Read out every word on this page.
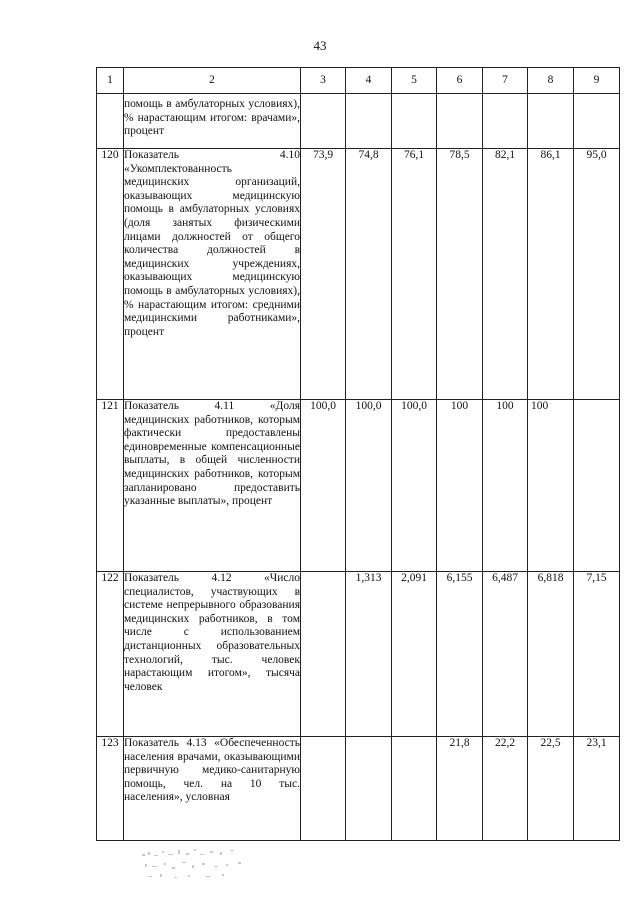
43
1	2	3	4	5	6	7	8	9
	помощь в амбулаторных условиях), % нарастающим итогом: врачами», процент							
120	Показатель 4.10 «Укомплектованность медицинских организаций, оказывающих медицинскую помощь в амбулаторных условиях (доля занятых физическими лицами должностей от общего количества должностей в медицинских учреждениях, оказывающих медицинскую помощь в амбулаторных условиях), % нарастающим итогом: средними медицинскими работниками», процент	73,9	74,8	76,1	78,5	82,1	86,1	95,0
121	Показатель 4.11 «Доля медицинских работников, которым фактически предоставлены единовременные компенсационные выплаты, в общей численности медицинских работников, которым запланировано предоставить указанные выплаты», процент	100,0	100,0	100,0	100	100	100	
122	Показатель 4.12 «Число специалистов, участвующих в системе непрерывного образования медицинских работников, в том числе с использованием дистанционных образовательных технологий, тыс. человек нарастающим итогом», тысяча человек		1,313	2,091	6,155	6,487	6,818	7,15
123	Показатель 4.13 «Обеспеченность населения врачами, оказывающими первичную медико-санитарную помощь, чел. на 10 тыс. населения», условная				21,8	22,2	22,5	23,1
